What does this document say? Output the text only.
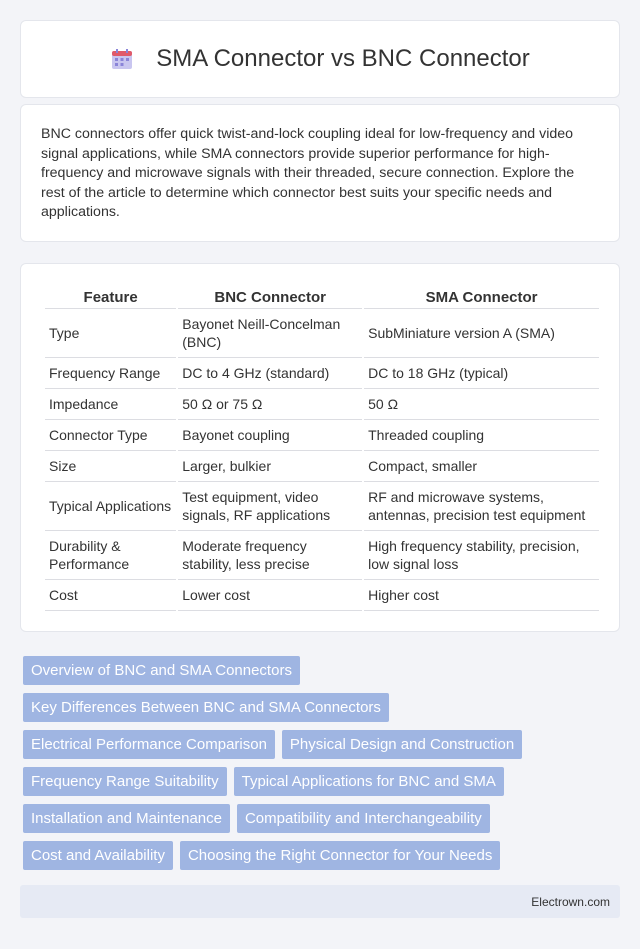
SMA Connector vs BNC Connector

BNC connectors offer quick twist-and-lock coupling ideal for low-frequency and video signal applications, while SMA connectors provide superior performance for high-frequency and microwave signals with their threaded, secure connection. Explore the rest of the article to determine which connector best suits your specific needs and applications.

Feature	BNC Connector	SMA Connector
Type	Bayonet Neill-Concelman (BNC)	SubMiniature version A (SMA)
Frequency Range	DC to 4 GHz (standard)	DC to 18 GHz (typical)
Impedance	50 Ω or 75 Ω	50 Ω
Connector Type	Bayonet coupling	Threaded coupling
Size	Larger, bulkier	Compact, smaller
Typical Applications	Test equipment, video signals, RF applications	RF and microwave systems, antennas, precision test equipment
Durability & Performance	Moderate frequency stability, less precise	High frequency stability, precision, low signal loss
Cost	Lower cost	Higher cost
Overview of BNC and SMA Connectors
Key Differences Between BNC and SMA Connectors
Electrical Performance Comparison	Physical Design and Construction
Frequency Range Suitability	Typical Applications for BNC and SMA
Installation and Maintenance	Compatibility and Interchangeability
Cost and Availability	Choosing the Right Connector for Your Needs
Electrown.com
